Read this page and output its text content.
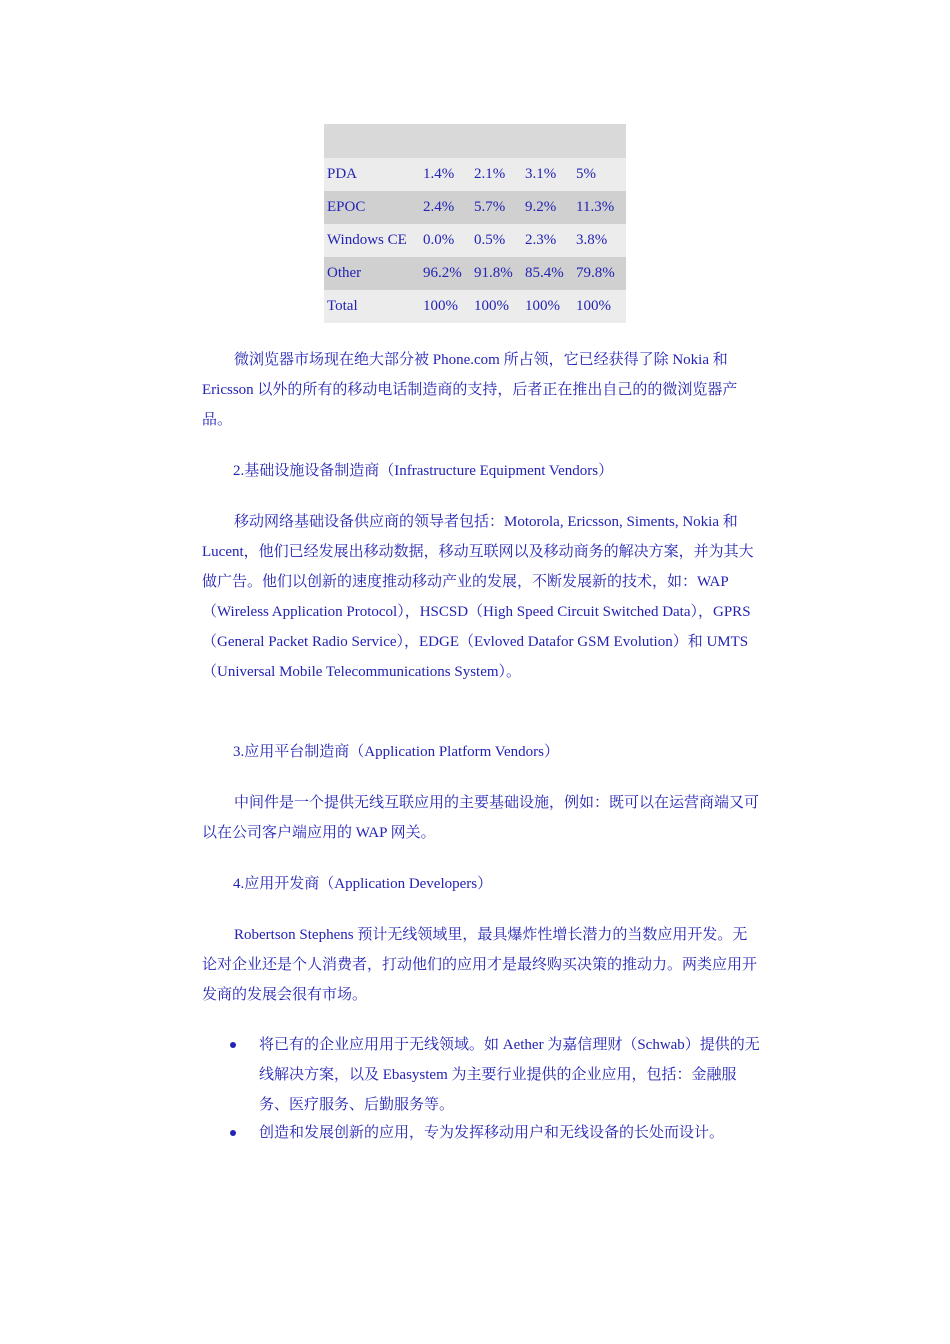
PDA	1.4%	2.1%	3.1%	5%
EPOC	2.4%	5.7%	9.2%	11.3%
Windows CE	0.0%	0.5%	2.3%	3.8%
Other	96.2%	91.8%	85.4%	79.8%
Total	100%	100%	100%	100%

微浏览器市场现在绝大部分被 Phone.com 所占领，它已经获得了除 Nokia 和 Ericsson 以外的所有的移动电话制造商的支持，后者正在推出自己的的微浏览器产品。

2.基础设施设备制造商（Infrastructure Equipment Vendors）

移动网络基础设备供应商的领导者包括：Motorola, Ericsson, Siments, Nokia 和 Lucent，他们已经发展出移动数据，移动互联网以及移动商务的解决方案，并为其大做广告。他们以创新的速度推动移动产业的发展，不断发展新的技术，如：WAP（Wireless Application Protocol），HSCSD（High Speed Circuit Switched Data），GPRS（General Packet Radio Service），EDGE（Evloved Datafor GSM Evolution）和 UMTS（Universal Mobile Telecommunications System）。

3.应用平台制造商（Application Platform Vendors）

中间件是一个提供无线互联应用的主要基础设施，例如：既可以在运营商端又可以在公司客户端应用的 WAP 网关。

4.应用开发商（Application Developers）

Robertson Stephens 预计无线领域里，最具爆炸性增长潜力的当数应用开发。无论对企业还是个人消费者，打动他们的应用才是最终购买决策的推动力。两类应用开发商的发展会很有市场。

将已有的企业应用用于无线领域。如 Aether 为嘉信理财（Schwab）提供的无线解决方案，以及 Ebasystem 为主要行业提供的企业应用，包括：金融服务、医疗服务、后勤服务等。
创造和发展创新的应用，专为发挥移动用户和无线设备的长处而设计。
